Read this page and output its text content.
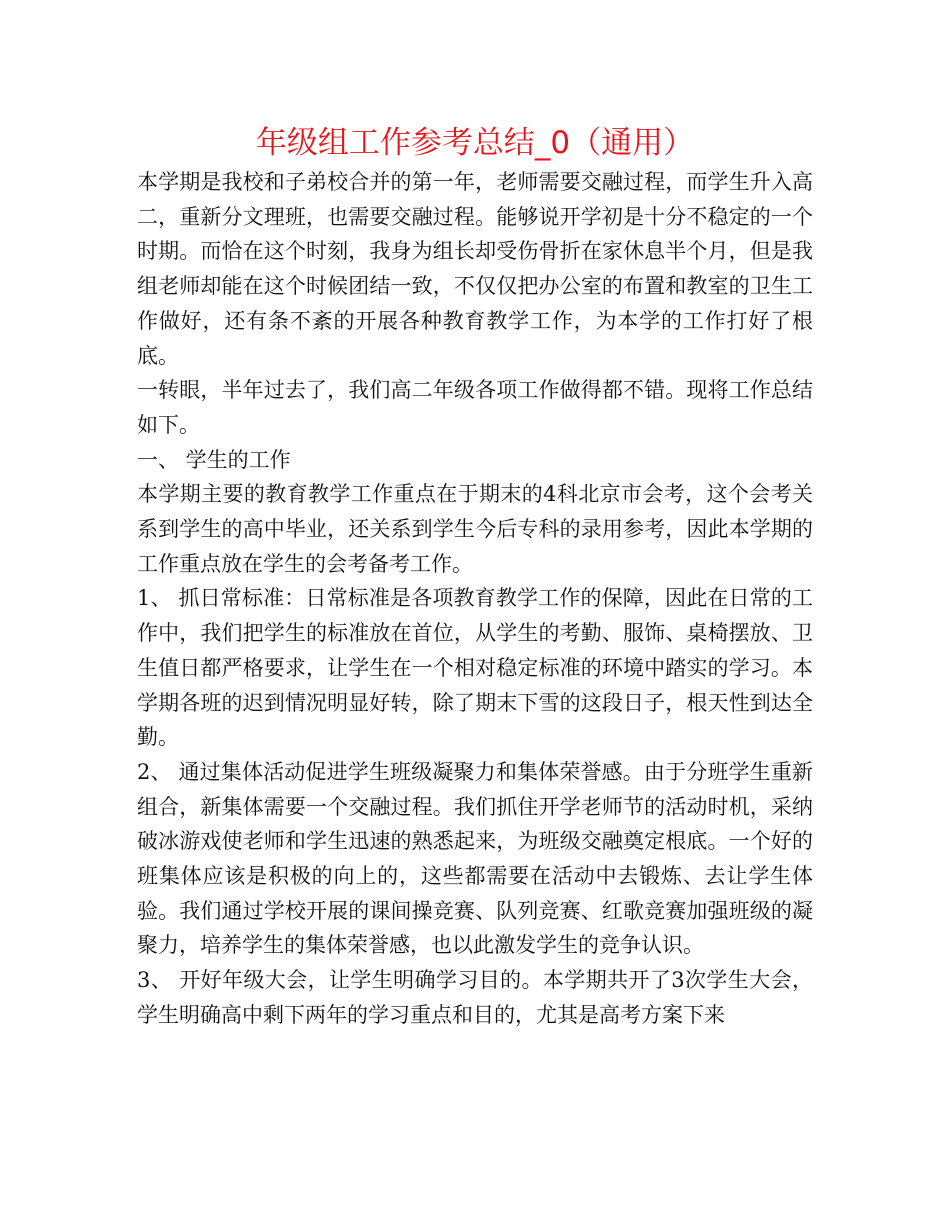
年级组工作参考总结_0（通用）

本学期是我校和子弟校合并的第一年，老师需要交融过程，而学生升入高二，重新分文理班，也需要交融过程。能够说开学初是十分不稳定的一个时期。而恰在这个时刻，我身为组长却受伤骨折在家休息半个月，但是我组老师却能在这个时候团结一致，不仅仅把办公室的布置和教室的卫生工作做好，还有条不紊的开展各种教育教学工作，为本学的工作打好了根底。

一转眼，半年过去了，我们高二年级各项工作做得都不错。现将工作总结如下。

一、 学生的工作

本学期主要的教育教学工作重点在于期末的4科北京市会考，这个会考关系到学生的高中毕业，还关系到学生今后专科的录用参考，因此本学期的工作重点放在学生的会考备考工作。

1、 抓日常标准：日常标准是各项教育教学工作的保障，因此在日常的工作中，我们把学生的标准放在首位，从学生的考勤、服饰、桌椅摆放、卫生值日都严格要求，让学生在一个相对稳定标准的环境中踏实的学习。本学期各班的迟到情况明显好转，除了期末下雪的这段日子，根天性到达全勤。

2、 通过集体活动促进学生班级凝聚力和集体荣誉感。由于分班学生重新组合，新集体需要一个交融过程。我们抓住开学老师节的活动时机，采纳破冰游戏使老师和学生迅速的熟悉起来，为班级交融奠定根底。一个好的班集体应该是积极的向上的，这些都需要在活动中去锻炼、去让学生体验。我们通过学校开展的课间操竞赛、队列竞赛、红歌竞赛加强班级的凝聚力，培养学生的集体荣誉感，也以此激发学生的竞争认识。

3、 开好年级大会，让学生明确学习目的。本学期共开了3次学生大会，学生明确高中剩下两年的学习重点和目的，尤其是高考方案下来
